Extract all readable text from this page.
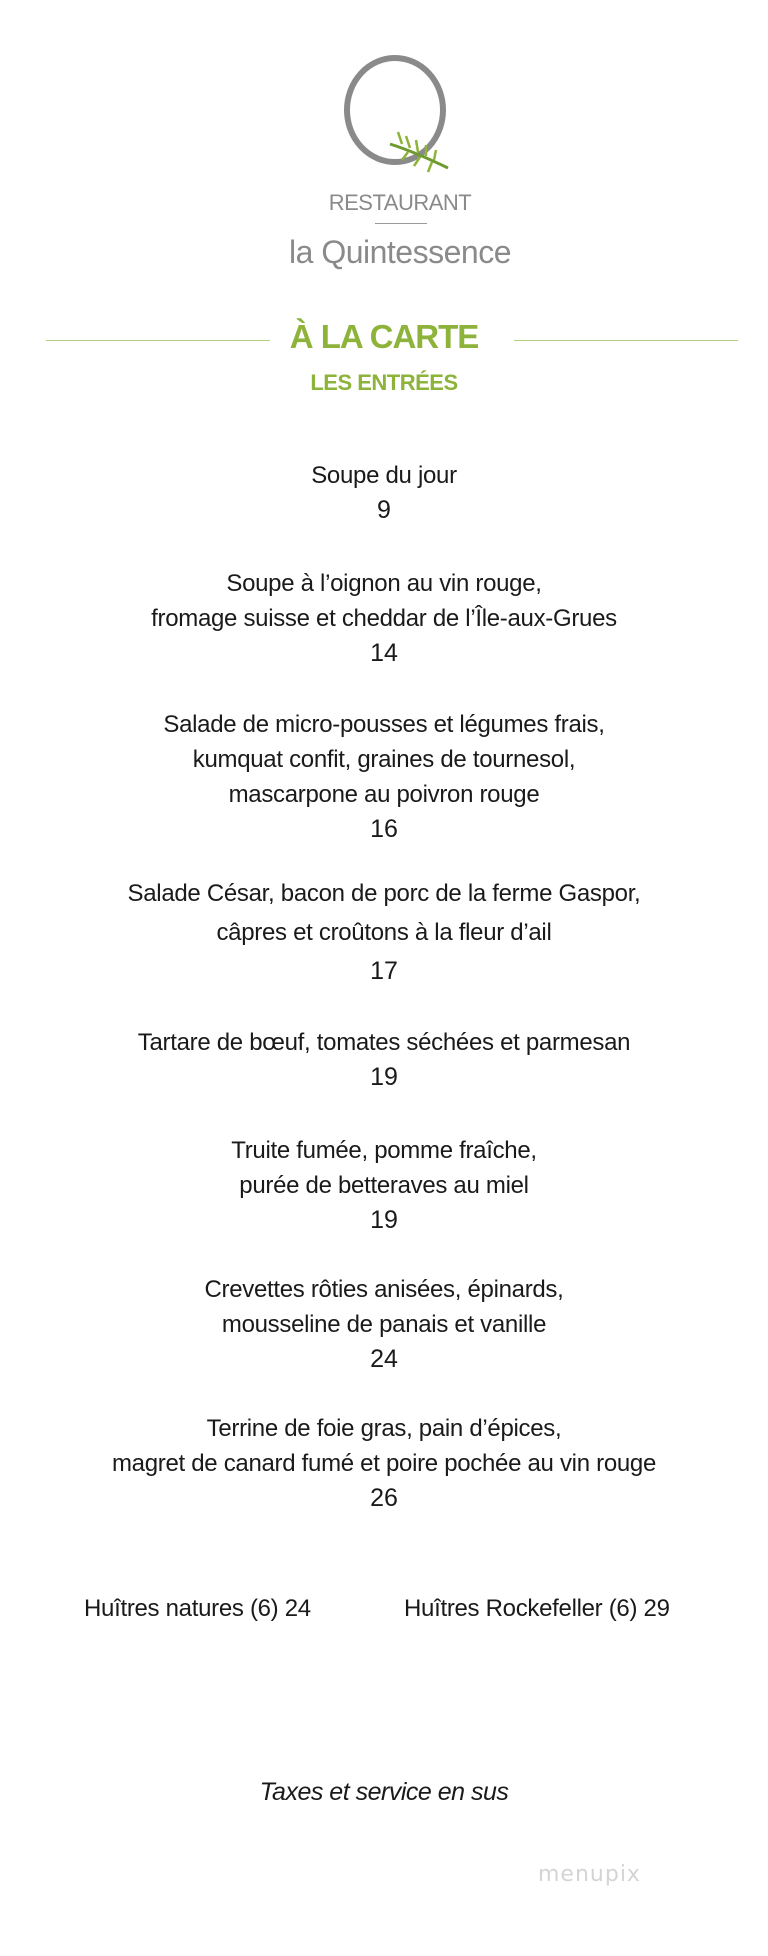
RESTAURANT
la Quintessence
À LA CARTE
LES ENTRÉES
Soupe du jour
9
Soupe à l’oignon au vin rouge,
fromage suisse et cheddar de l’Île-aux-Grues
14
Salade de micro-pousses et légumes frais,
kumquat confit, graines de tournesol,
mascarpone au poivron rouge
16
Salade César, bacon de porc de la ferme Gaspor,
câpres et croûtons à la fleur d’ail
17
Tartare de bœuf, tomates séchées et parmesan
19
Truite fumée, pomme fraîche,
purée de betteraves au miel
19
Crevettes rôties anisées, épinards,
mousseline de panais et vanille
24
Terrine de foie gras, pain d’épices,
magret de canard fumé et poire pochée au vin rouge
26
Huîtres natures (6) 24	Huîtres Rockefeller (6) 29
Taxes et service en sus
menupix
